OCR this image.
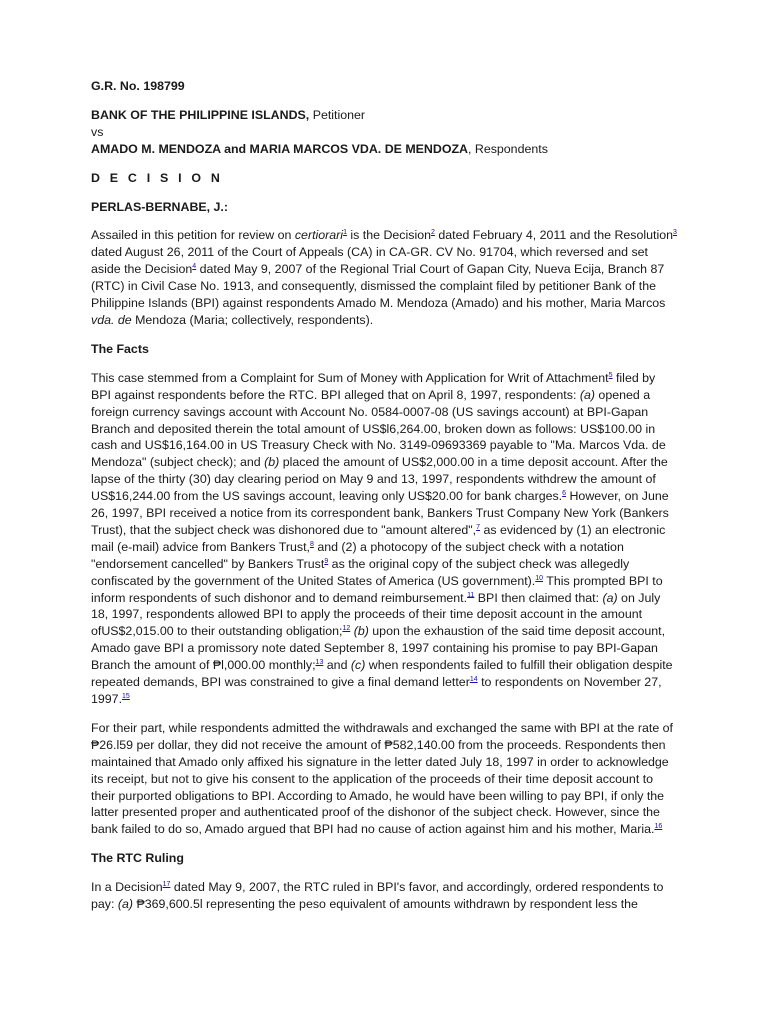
G.R. No. 198799

BANK OF THE PHILIPPINE ISLANDS, Petitioner

vs

AMADO M. MENDOZA and MARIA MARCOS VDA. DE MENDOZA, Respondents

D E C I S I O N

PERLAS-BERNABE, J.:

Assailed in this petition for review on certiorari$^1$ is the Decision$^2$ dated February 4, 2011 and the Resolution$^3$ dated August 26, 2011 of the Court of Appeals (CA) in CA-GR. CV No. 91704, which reversed and set aside the Decision$^4$ dated May 9, 2007 of the Regional Trial Court of Gapan City, Nueva Ecija, Branch 87 (RTC) in Civil Case No. 1913, and consequently, dismissed the complaint filed by petitioner Bank of the Philippine Islands (BPI) against respondents Amado M. Mendoza (Amado) and his mother, Maria Marcos vda. de Mendoza (Maria; collectively, respondents).

The Facts

This case stemmed from a Complaint for Sum of Money with Application for Writ of Attachment$^5$ filed by BPI against respondents before the RTC. BPI alleged that on April 8, 1997, respondents: (a) opened a foreign currency savings account with Account No. 0584-0007-08 (US savings account) at BPI-Gapan Branch and deposited therein the total amount of US$l6,264.00, broken down as follows: US$100.00 in cash and US$16,164.00 in US Treasury Check with No. 3149-09693369 payable to "Ma. Marcos Vda. de Mendoza" (subject check); and (b) placed the amount of US$2,000.00 in a time deposit account. After the lapse of the thirty (30) day clearing period on May 9 and 13, 1997, respondents withdrew the amount of US$16,244.00 from the US savings account, leaving only US$20.00 for bank charges.$^6$ However, on June 26, 1997, BPI received a notice from its correspondent bank, Bankers Trust Company New York (Bankers Trust), that the subject check was dishonored due to "amount altered",$^7$ as evidenced by (1) an electronic mail (e-mail) advice from Bankers Trust,$^8$ and (2) a photocopy of the subject check with a notation "endorsement cancelled" by Bankers Trust$^9$ as the original copy of the subject check was allegedly confiscated by the government of the United States of America (US government).$^{10}$ This prompted BPI to inform respondents of such dishonor and to demand reimbursement.$^{11}$ BPI then claimed that: (a) on July 18, 1997, respondents allowed BPI to apply the proceeds of their time deposit account in the amount ofUS$2,015.00 to their outstanding obligation;$^{12}$ (b) upon the exhaustion of the said time deposit account, Amado gave BPI a promissory note dated September 8, 1997 containing his promise to pay BPI-Gapan Branch the amount of ₱l,000.00 monthly;$^{13}$ and (c) when respondents failed to fulfill their obligation despite repeated demands, BPI was constrained to give a final demand letter$^{14}$ to respondents on November 27, 1997.15

For their part, while respondents admitted the withdrawals and exchanged the same with BPI at the rate of ₱26.l59 per dollar, they did not receive the amount of ₱582,140.00 from the proceeds. Respondents then maintained that Amado only affixed his signature in the letter dated July 18, 1997 in order to acknowledge its receipt, but not to give his consent to the application of the proceeds of their time deposit account to their purported obligations to BPI. According to Amado, he would have been willing to pay BPI, if only the latter presented proper and authenticated proof of the dishonor of the subject check. However, since the bank failed to do so, Amado argued that BPI had no cause of action against him and his mother, Maria.$^{16}$

The RTC Ruling

In a Decision$^{17}$ dated May 9, 2007, the RTC ruled in BPI's favor, and accordingly, ordered respondents to pay: (a) ₱369,600.5l representing the peso equivalent of amounts withdrawn by respondent less the
